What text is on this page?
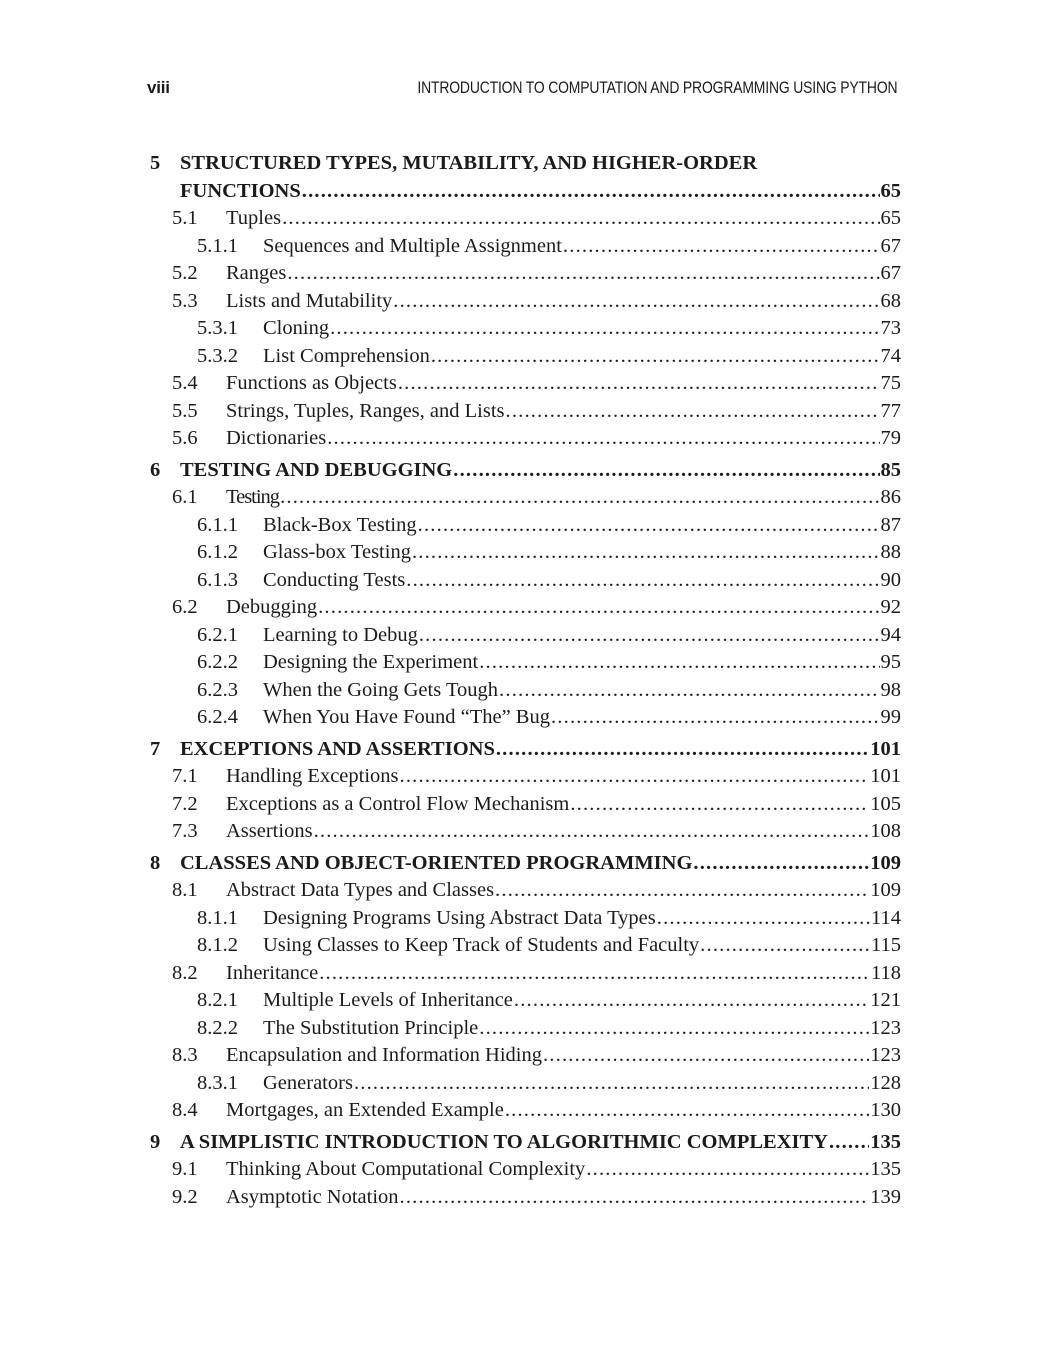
viii	INTRODUCTION TO COMPUTATION AND PROGRAMMING USING PYTHON
5 STRUCTURED TYPES, MUTABILITY, AND HIGHER-ORDER
FUNCTIONS .....	65
5.1	Tuples .....	65
5.1.1	Sequences and Multiple Assignment .....	67
5.2	Ranges .....	67
5.3	Lists and Mutability .....	68
5.3.1	Cloning .....	73
5.3.2	List Comprehension .....	74
5.4	Functions as Objects .....	75
5.5	Strings, Tuples, Ranges, and Lists .....	77
5.6	Dictionaries .....	79
6 TESTING AND DEBUGGING .....	85
6.1	Testing .....	86
6.1.1	Black-Box Testing .....	87
6.1.2	Glass-box Testing .....	88
6.1.3	Conducting Tests .....	90
6.2	Debugging .....	92
6.2.1	Learning to Debug .....	94
6.2.2	Designing the Experiment .....	95
6.2.3	When the Going Gets Tough .....	98
6.2.4	When You Have Found “The” Bug .....	99
7 EXCEPTIONS AND ASSERTIONS .....	101
7.1	Handling Exceptions .....	101
7.2	Exceptions as a Control Flow Mechanism .....	105
7.3	Assertions .....	108
8 CLASSES AND OBJECT-ORIENTED PROGRAMMING .....	109
8.1	Abstract Data Types and Classes .....	109
8.1.1	Designing Programs Using Abstract Data Types .....	114
8.1.2	Using Classes to Keep Track of Students and Faculty .....	115
8.2	Inheritance .....	118
8.2.1	Multiple Levels of Inheritance .....	121
8.2.2	The Substitution Principle .....	123
8.3	Encapsulation and Information Hiding .....	123
8.3.1	Generators .....	128
8.4	Mortgages, an Extended Example .....	130
9 A SIMPLISTIC INTRODUCTION TO ALGORITHMIC COMPLEXITY ..... 135
9.1	Thinking About Computational Complexity .....	135
9.2	Asymptotic Notation .....	139
